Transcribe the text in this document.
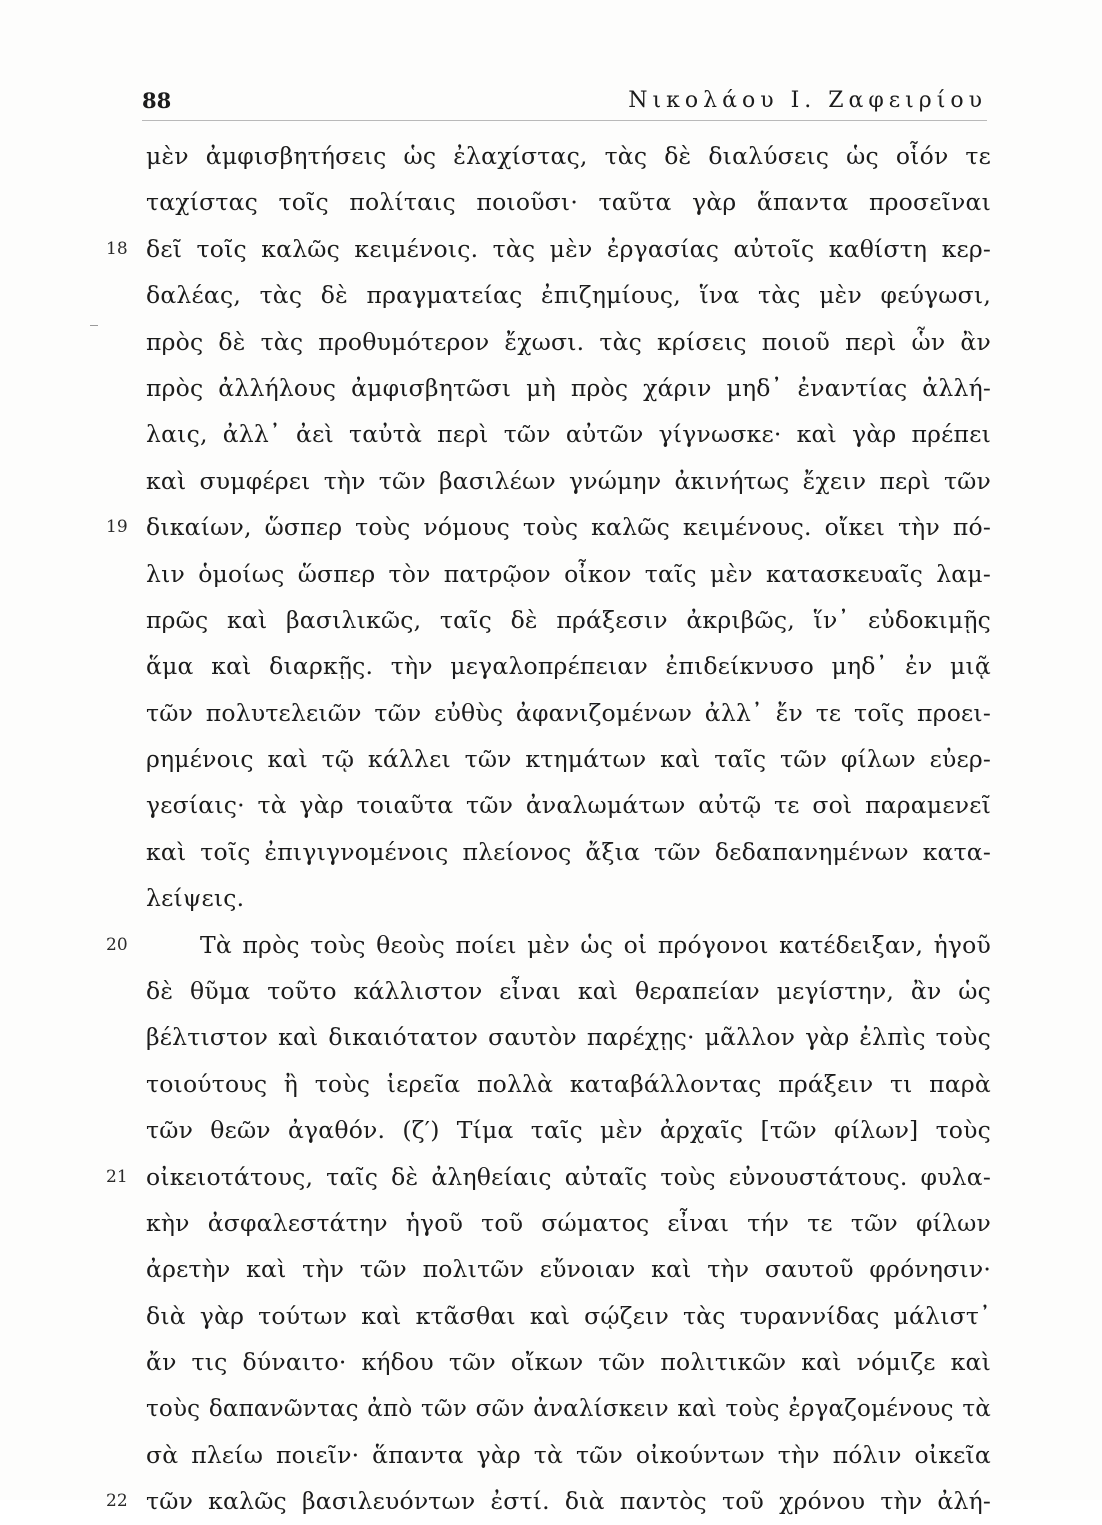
88	Νικολάου Ι. Ζαφειρίου
μὲν ἀμφισβητήσεις ὡς ἐλαχίστας, τὰς δὲ διαλύσεις ὡς οἷόν τε
ταχίστας τοῖς πολίταις ποιοῦσι· ταῦτα γὰρ ἅπαντα προσεῖναι
18 δεῖ τοῖς καλῶς κειμένοις. τὰς μὲν ἐργασίας αὐτοῖς καθίστη κερ-
δαλέας, τὰς δὲ πραγματείας ἐπιζημίους, ἵνα τὰς μὲν φεύγωσι,
πρὸς δὲ τὰς προθυμότερον ἔχωσι. τὰς κρίσεις ποιοῦ περὶ ὧν ἂν
πρὸς ἀλλήλους ἀμφισβητῶσι μὴ πρὸς χάριν μηδ᾽ ἐναντίας ἀλλή-
λαις, ἀλλ᾽ ἀεὶ ταὐτὰ περὶ τῶν αὐτῶν γίγνωσκε· καὶ γὰρ πρέπει
καὶ συμφέρει τὴν τῶν βασιλέων γνώμην ἀκινήτως ἔχειν περὶ τῶν
19 δικαίων, ὥσπερ τοὺς νόμους τοὺς καλῶς κειμένους. οἴκει τὴν πό-
λιν ὁμοίως ὥσπερ τὸν πατρῷον οἶκον ταῖς μὲν κατασκευαῖς λαμ-
πρῶς καὶ βασιλικῶς, ταῖς δὲ πράξεσιν ἀκριβῶς, ἵν᾽ εὐδοκιμῇς
ἅμα καὶ διαρκῇς. τὴν μεγαλοπρέπειαν ἐπιδείκνυσο μηδ᾽ ἐν μιᾷ
τῶν πολυτελειῶν τῶν εὐθὺς ἀφανιζομένων ἀλλ᾽ ἔν τε τοῖς προει-
ρημένοις καὶ τῷ κάλλει τῶν κτημάτων καὶ ταῖς τῶν φίλων εὐερ-
γεσίαις· τὰ γὰρ τοιαῦτα τῶν ἀναλωμάτων αὐτῷ τε σοὶ παραμενεῖ
καὶ τοῖς ἐπιγιγνομένοις πλείονος ἄξια τῶν δεδαπανημένων κατα-
λείψεις.
20	Τὰ πρὸς τοὺς θεοὺς ποίει μὲν ὡς οἱ πρόγονοι κατέδειξαν, ἡγοῦ
δὲ θῦμα τοῦτο κάλλιστον εἶναι καὶ θεραπείαν μεγίστην, ἂν ὡς
βέλτιστον καὶ δικαιότατον σαυτὸν παρέχῃς· μᾶλλον γὰρ ἐλπὶς τοὺς
τοιούτους ἢ τοὺς ἱερεῖα πολλὰ καταβάλλοντας πράξειν τι παρὰ
τῶν θεῶν ἀγαθόν. (ζ′) Τίμα ταῖς μὲν ἀρχαῖς [τῶν φίλων] τοὺς
21 οἰκειοτάτους, ταῖς δὲ ἀληθείαις αὐταῖς τοὺς εὐνουστάτους. φυλα-
κὴν ἀσφαλεστάτην ἡγοῦ τοῦ σώματος εἶναι τήν τε τῶν φίλων
ἀρετὴν καὶ τὴν τῶν πολιτῶν εὔνοιαν καὶ τὴν σαυτοῦ φρόνησιν·
διὰ γὰρ τούτων καὶ κτᾶσθαι καὶ σῴζειν τὰς τυραννίδας μάλιστ᾽
ἄν τις δύναιτο· κήδου τῶν οἴκων τῶν πολιτικῶν καὶ νόμιζε καὶ
τοὺς δαπανῶντας ἀπὸ τῶν σῶν ἀναλίσκειν καὶ τοὺς ἐργαζομένους τὰ
σὰ πλείω ποιεῖν· ἅπαντα γὰρ τὰ τῶν οἰκούντων τὴν πόλιν οἰκεῖα
22 τῶν καλῶς βασιλευόντων ἐστί. διὰ παντὸς τοῦ χρόνου τὴν ἀλή-
